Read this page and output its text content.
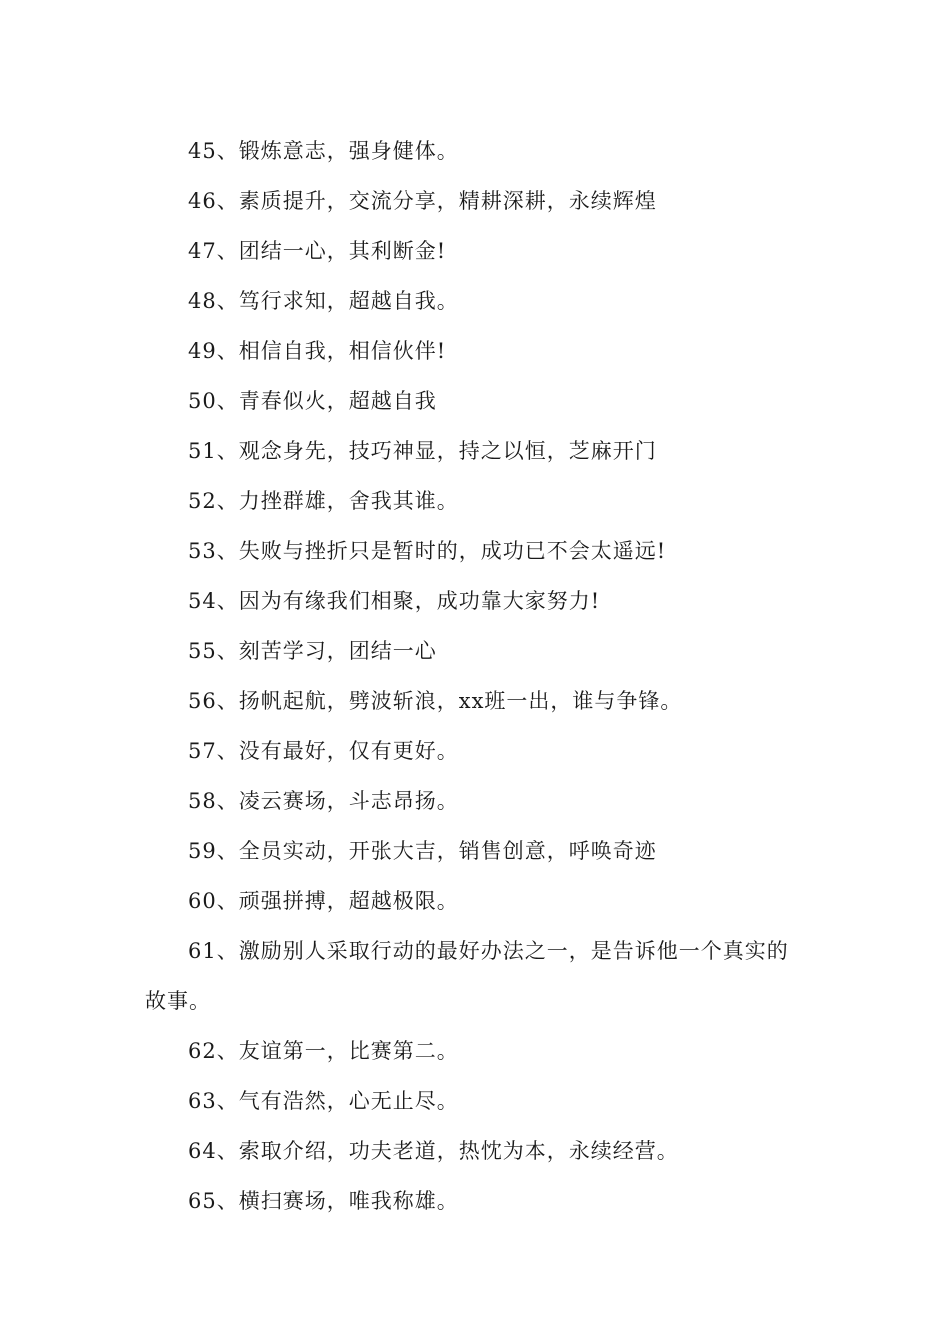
45、锻炼意志，强身健体。
46、素质提升，交流分享，精耕深耕，永续辉煌
47、团结一心，其利断金!
48、笃行求知，超越自我。
49、相信自我，相信伙伴!
50、青春似火，超越自我
51、观念身先，技巧神显，持之以恒，芝麻开门
52、力挫群雄，舍我其谁。
53、失败与挫折只是暂时的，成功已不会太遥远!
54、因为有缘我们相聚，成功靠大家努力!
55、刻苦学习，团结一心
56、扬帆起航，劈波斩浪，xx班一出，谁与争锋。
57、没有最好，仅有更好。
58、凌云赛场，斗志昂扬。
59、全员实动，开张大吉，销售创意，呼唤奇迹
60、顽强拼搏，超越极限。
61、激励别人采取行动的最好办法之一，是告诉他一个真实的故事。
62、友谊第一，比赛第二。
63、气有浩然，心无止尽。
64、索取介绍，功夫老道，热忱为本，永续经营。
65、横扫赛场，唯我称雄。
